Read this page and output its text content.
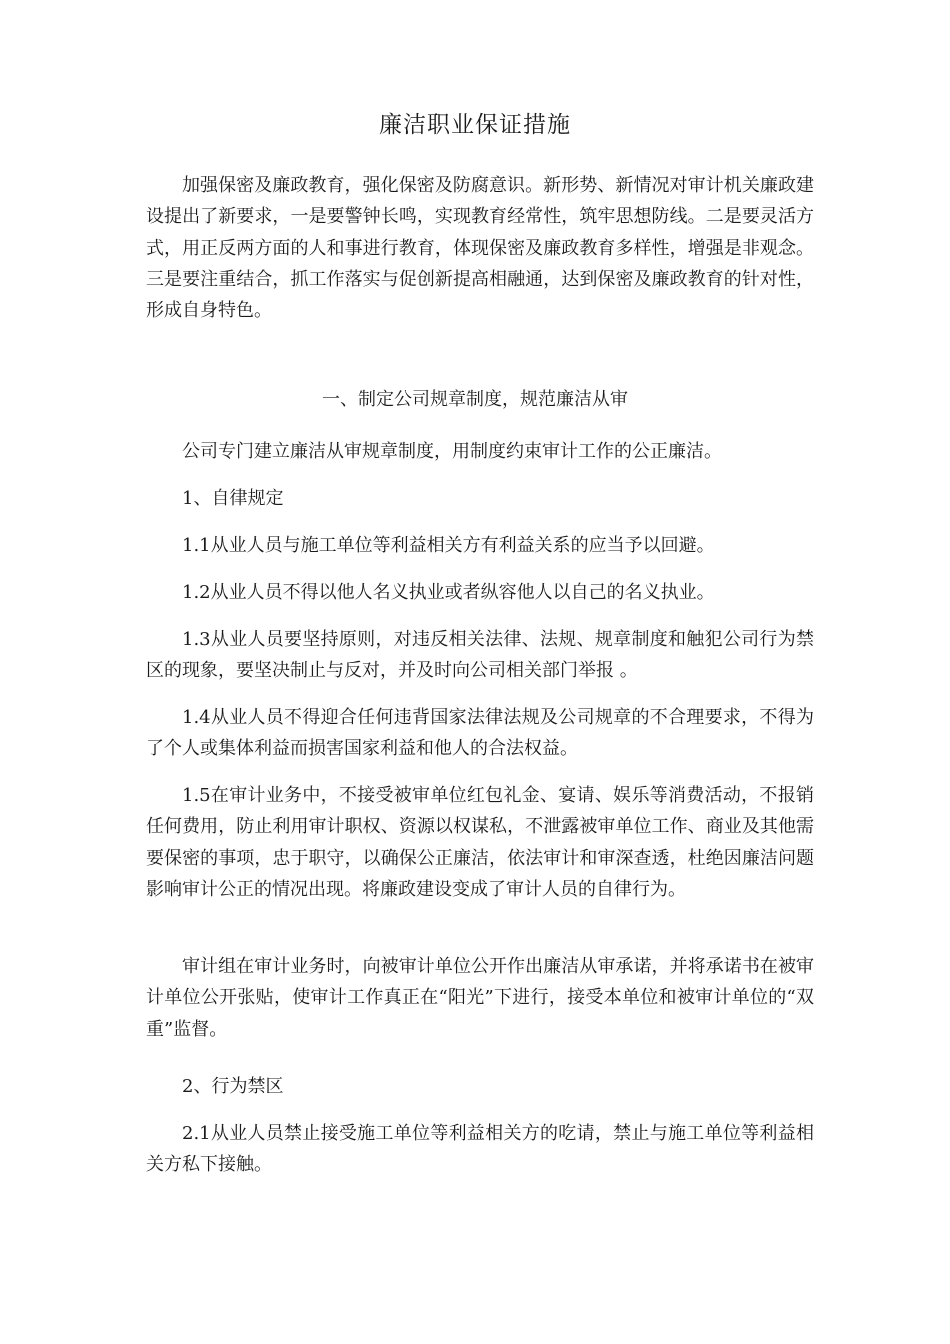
廉洁职业保证措施

加强保密及廉政教育，强化保密及防腐意识。新形势、新情况对审计机关廉政建设提出了新要求，一是要警钟长鸣，实现教育经常性，筑牢思想防线。二是要灵活方式，用正反两方面的人和事进行教育，体现保密及廉政教育多样性，增强是非观念。三是要注重结合，抓工作落实与促创新提高相融通，达到保密及廉政教育的针对性，形成自身特色。

一、制定公司规章制度，规范廉洁从审

公司专门建立廉洁从审规章制度，用制度约束审计工作的公正廉洁。

1、自律规定

1.1从业人员与施工单位等利益相关方有利益关系的应当予以回避。

1.2从业人员不得以他人名义执业或者纵容他人以自己的名义执业。

1.3从业人员要坚持原则，对违反相关法律、法规、规章制度和触犯公司行为禁区的现象，要坚决制止与反对，并及时向公司相关部门举报 。

1.4从业人员不得迎合任何违背国家法律法规及公司规章的不合理要求，不得为了个人或集体利益而损害国家利益和他人的合法权益。

1.5在审计业务中，不接受被审单位红包礼金、宴请、娱乐等消费活动，不报销任何费用，防止利用审计职权、资源以权谋私，不泄露被审单位工作、商业及其他需要保密的事项，忠于职守，以确保公正廉洁，依法审计和审深查透，杜绝因廉洁问题影响审计公正的情况出现。将廉政建设变成了审计人员的自律行为。

审计组在审计业务时，向被审计单位公开作出廉洁从审承诺，并将承诺书在被审计单位公开张贴，使审计工作真正在“阳光”下进行，接受本单位和被审计单位的“双重”监督。

2、行为禁区

2.1从业人员禁止接受施工单位等利益相关方的吃请，禁止与施工单位等利益相关方私下接触。
